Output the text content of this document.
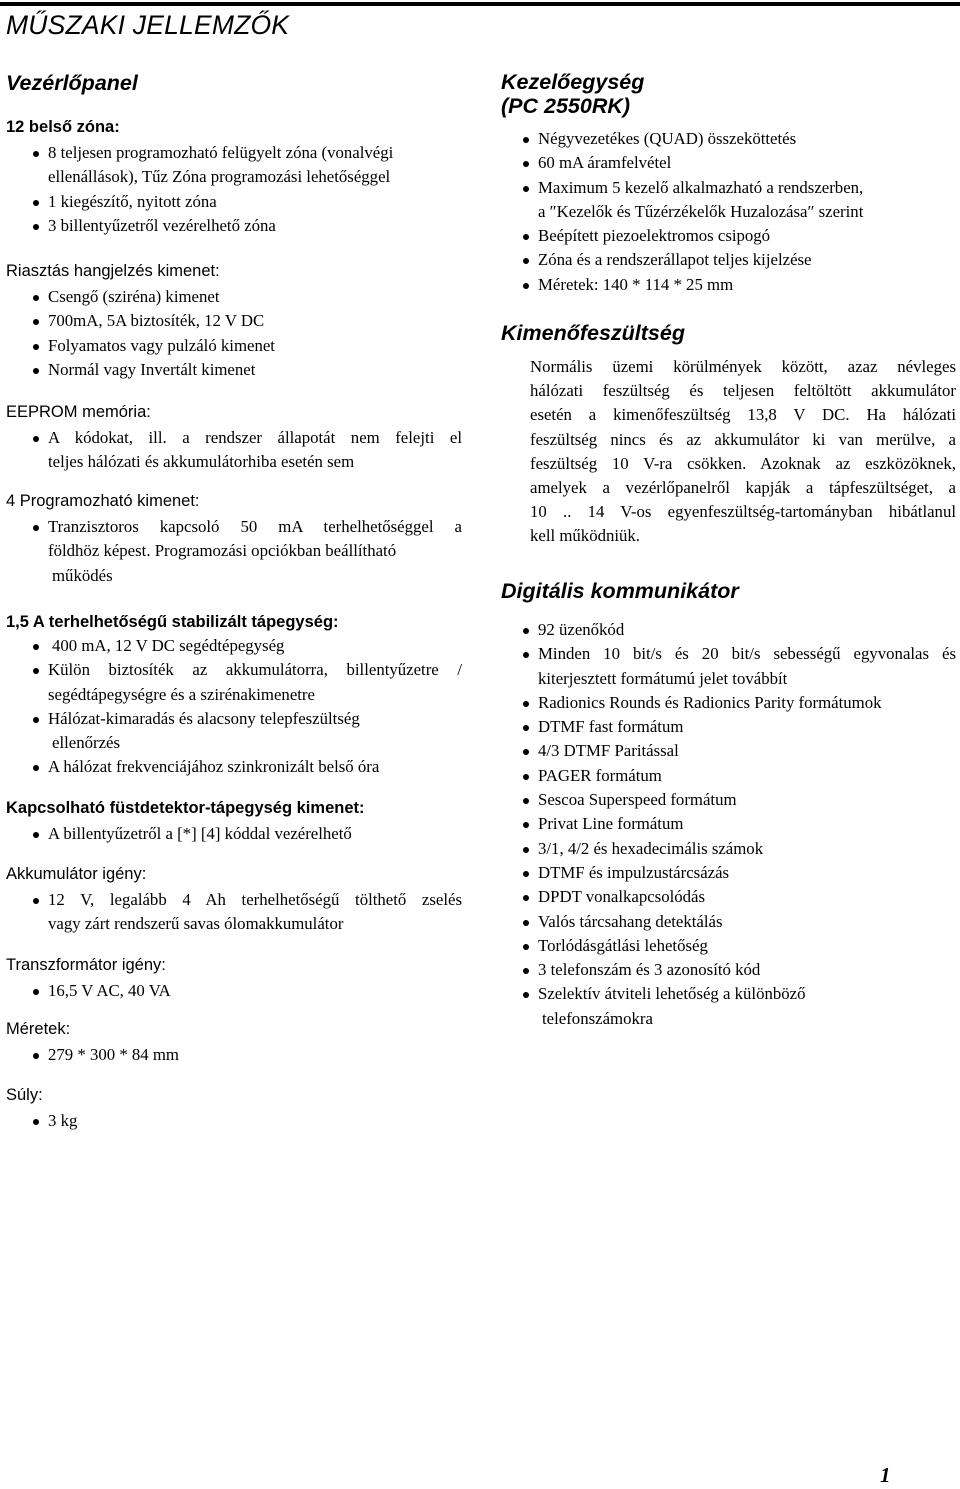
MŰSZAKI JELLEMZŐK
Vezérlőpanel
12 belső zóna:
8 teljesen programozható felügyelt zóna (vonalvégi
ellenállások), Tűz Zóna programozási lehetőséggel
1 kiegészítő, nyitott zóna
3 billentyűzetről vezérelhető zóna
Riasztás hangjelzés kimenet:
Csengő (sziréna) kimenet
700mA, 5A biztosíték, 12 V DC
Folyamatos vagy pulzáló kimenet
Normál vagy Invertált kimenet
EEPROM memória:
A kódokat, ill. a rendszer állapotát nem felejti el
teljes hálózati és akkumulátorhiba esetén sem
4 Programozható kimenet:
Tranzisztoros kapcsoló 50 mA terhelhetőséggel a
földhöz képest. Programozási opciókban beállítható
működés
1,5 A terhelhetőségű stabilizált tápegység:
400 mA, 12 V DC segédtépegység
Külön biztosíték az akkumulátorra, billentyűzetre /
segédtápegységre és a szirénakimenetre
Hálózat-kimaradás és alacsony telepfeszültség
ellenőrzés
A hálózat frekvenciájához szinkronizált belső óra
Kapcsolható füstdetektor-tápegység kimenet:
A billentyűzetről a [*] [4] kóddal vezérelhető
Akkumulátor igény:
12 V, legalább 4 Ah terhelhetőségű tölthető zselés
vagy zárt rendszerű savas ólomakkumulátor
Transzformátor igény:
16,5 V AC, 40 VA
Méretek:
279 * 300 * 84 mm
Súly:
3 kg
Kezelőegység
(PC 2550RK)
Négyvezetékes (QUAD) összeköttetés
60 mA áramfelvétel
Maximum 5 kezelő alkalmazható a rendszerben,
a ″Kezelők és Tűzérzékelők Huzalozása″ szerint
Beépített piezoelektromos csipogó
Zóna és a rendszerállapot teljes kijelzése
Méretek: 140 * 114 * 25 mm
Kimenőfeszültség
Normális üzemi körülmények között, azaz névleges
hálózati feszültség és teljesen feltöltött akkumulátor
esetén a kimenőfeszültség 13,8 V DC. Ha hálózati
feszültség nincs és az akkumulátor ki van merülve, a
feszültség 10 V-ra csökken. Azoknak az eszközöknek,
amelyek a vezérlőpanelről kapják a tápfeszültséget, a
10 .. 14 V-os egyenfeszültség-tartományban hibátlanul
kell működniük.
Digitális kommunikátor
92 üzenőkód
Minden 10 bit/s és 20 bit/s sebességű egyvonalas és
kiterjesztett formátumú jelet továbbít
Radionics Rounds és Radionics Parity formátumok
DTMF fast formátum
4/3 DTMF Paritással
PAGER formátum
Sescoa Superspeed formátum
Privat Line formátum
3/1, 4/2 és hexadecimális számok
DTMF és impulzustárcsázás
DPDT vonalkapcsolódás
Valós tárcsahang detektálás
Torlódásgátlási lehetőség
3 telefonszám és 3 azonosító kód
Szelektív átviteli lehetőség a különböző
telefonszámokra
1
